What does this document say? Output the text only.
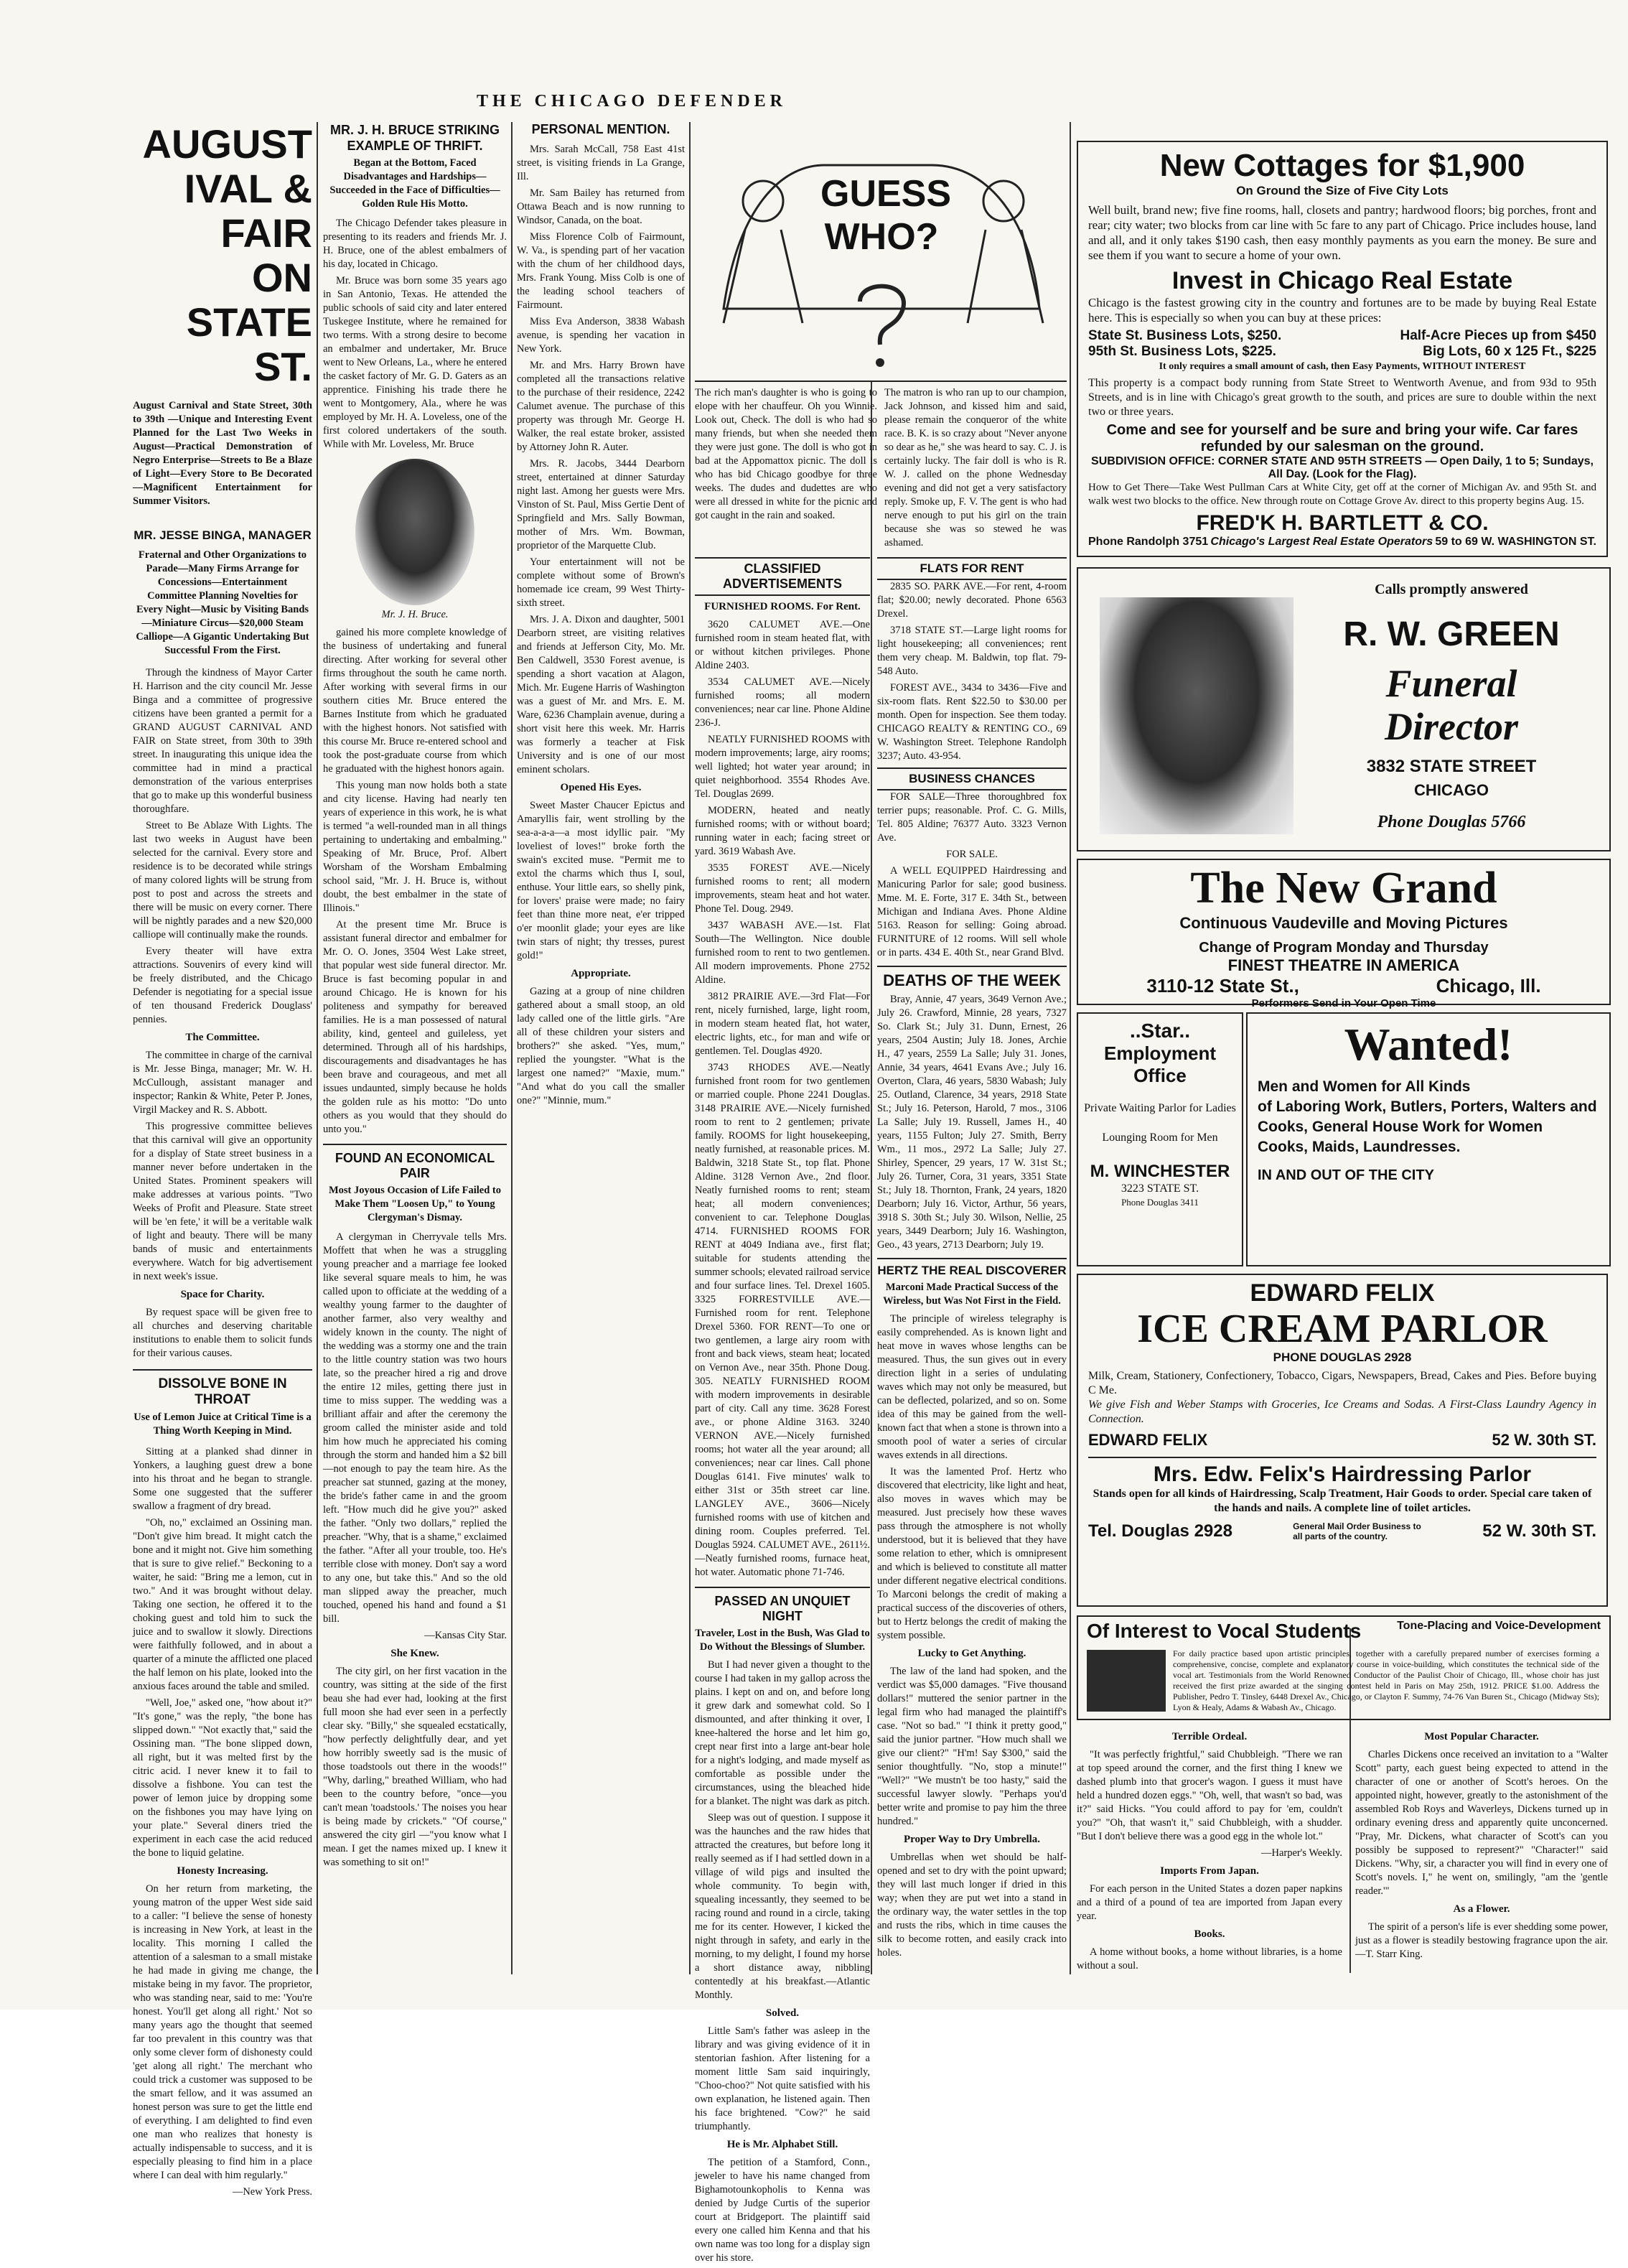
THE CHICAGO DEFENDER
AUGUST
IVAL & FAIR
ON STATE ST.
August Carnival and State Street, 30th to 39th —Unique and Interesting Event Planned for the Last Two Weeks in August—Practical Demonstration of Negro Enterprise—Streets to Be a Blaze of Light—Every Store to Be Decorated—Magnificent Entertainment for Summer Visitors.
MR. JESSE BINGA, MANAGER
Fraternal and Other Organizations to Parade—Many Firms Arrange for Concessions—Entertainment Committee Planning Novelties for Every Night—Music by Visiting Bands—Miniature Circus—$20,000 Steam Calliope—A Gigantic Undertaking But Successful From the First.

Through the kindness of Mayor Carter H. Harrison and the city council Mr. Jesse Binga and a committee of progressive citizens have been granted a permit for a GRAND AUGUST CARNIVAL AND FAIR on State street, from 30th to 39th street. In inaugurating this unique idea the committee had in mind a practical demonstration of the various enterprises that go to make up this wonderful business thoroughfare.

Street to Be Ablaze With Lights. The last two weeks in August have been selected for the carnival. Every store and residence is to be decorated while strings of many colored lights will be strung from post to post and across the streets and there will be music on every corner. There will be nightly parades and a new $20,000 calliope will continually make the rounds.

Every theater will have extra attractions. Souvenirs of every kind will be freely distributed, and the Chicago Defender is negotiating for a special issue of ten thousand Frederick Douglass' pennies.

The Committee.

The committee in charge of the carnival is Mr. Jesse Binga, manager; Mr. W. H. McCullough, assistant manager and inspector; Rankin & White, Peter P. Jones, Virgil Mackey and R. S. Abbott.

This progressive committee believes that this carnival will give an opportunity for a display of State street business in a manner never before undertaken in the United States. Prominent speakers will make addresses at various points. "Two Weeks of Profit and Pleasure. State street will be 'en fete,' it will be a veritable walk of light and beauty. There will be many bands of music and entertainments everywhere. Watch for big advertisement in next week's issue.

Space for Charity.

By request space will be given free to all churches and deserving charitable institutions to enable them to solicit funds for their various causes.

DISSOLVE BONE IN THROAT
Use of Lemon Juice at Critical Time is a Thing Worth Keeping in Mind.

Sitting at a planked shad dinner in Yonkers, a laughing guest drew a bone into his throat and he began to strangle. Some one suggested that the sufferer swallow a fragment of dry bread.

"Oh, no," exclaimed an Ossining man. "Don't give him bread. It might catch the bone and it might not. Give him something that is sure to give relief." Beckoning to a waiter, he said: "Bring me a lemon, cut in two." And it was brought without delay. Taking one section, he offered it to the choking guest and told him to suck the juice and to swallow it slowly. Directions were faithfully followed, and in about a quarter of a minute the afflicted one placed the half lemon on his plate, looked into the anxious faces around the table and smiled.

"Well, Joe," asked one, "how about it?" "It's gone," was the reply, "the bone has slipped down." "Not exactly that," said the Ossining man. "The bone slipped down, all right, but it was melted first by the citric acid. I never knew it to fail to dissolve a fishbone. You can test the power of lemon juice by dropping some on the fishbones you may have lying on your plate." Several diners tried the experiment in each case the acid reduced the bone to liquid gelatine.

Honesty Increasing.

On her return from marketing, the young matron of the upper West side said to a caller: "I believe the sense of honesty is increasing in New York, at least in the locality. This morning I called the attention of a salesman to a small mistake he had made in giving me change, the mistake being in my favor. The proprietor, who was standing near, said to me: 'You're honest. You'll get along all right.' Not so many years ago the thought that seemed far too prevalent in this country was that only some clever form of dishonesty could 'get along all right.' The merchant who could trick a customer was supposed to be the smart fellow, and it was assumed an honest person was sure to get the little end of everything. I am delighted to find even one man who realizes that honesty is actually indispensable to success, and it is especially pleasing to find him in a place where I can deal with him regularly."

—New York Press.

MR. J. H. BRUCE STRIKING EXAMPLE OF THRIFT.
Began at the Bottom, Faced Disadvantages and Hardships—Succeeded in the Face of Difficulties—Golden Rule His Motto.

The Chicago Defender takes pleasure in presenting to its readers and friends Mr. J. H. Bruce, one of the ablest embalmers of his day, located in Chicago.

Mr. Bruce was born some 35 years ago in San Antonio, Texas. He attended the public schools of said city and later entered Tuskegee Institute, where he remained for two terms. With a strong desire to become an embalmer and undertaker, Mr. Bruce went to New Orleans, La., where he entered the casket factory of Mr. G. D. Gaters as an apprentice. Finishing his trade there he went to Montgomery, Ala., where he was employed by Mr. H. A. Loveless, one of the first colored undertakers of the south. While with Mr. Loveless, Mr. Bruce

Mr. J. H. Bruce.

gained his more complete knowledge of the business of undertaking and funeral directing. After working for several other firms throughout the south he came north. After working with several firms in our southern cities Mr. Bruce entered the Barnes Institute from which he graduated with the highest honors. Not satisfied with this course Mr. Bruce re-entered school and took the post-graduate course from which he graduated with the highest honors again.

This young man now holds both a state and city license. Having had nearly ten years of experience in this work, he is what is termed "a well-rounded man in all things pertaining to undertaking and embalming." Speaking of Mr. Bruce, Prof. Albert Worsham of the Worsham Embalming school said, "Mr. J. H. Bruce is, without doubt, the best embalmer in the state of Illinois."

At the present time Mr. Bruce is assistant funeral director and embalmer for Mr. O. O. Jones, 3504 West Lake street, that popular west side funeral director. Mr. Bruce is fast becoming popular in and around Chicago. He is known for his politeness and sympathy for bereaved families. He is a man possessed of natural ability, kind, genteel and guileless, yet determined. Through all of his hardships, discouragements and disadvantages he has been brave and courageous, and met all issues undaunted, simply because he holds the golden rule as his motto: "Do unto others as you would that they should do unto you."

FOUND AN ECONOMICAL PAIR
Most Joyous Occasion of Life Failed to Make Them "Loosen Up," to Young Clergyman's Dismay.

A clergyman in Cherryvale tells Mrs. Moffett that when he was a struggling young preacher and a marriage fee looked like several square meals to him, he was called upon to officiate at the wedding of a wealthy young farmer to the daughter of another farmer, also very wealthy and widely known in the county. The night of the wedding was a stormy one and the train to the little country station was two hours late, so the preacher hired a rig and drove the entire 12 miles, getting there just in time to miss supper. The wedding was a brilliant affair and after the ceremony the groom called the minister aside and told him how much he appreciated his coming through the storm and handed him a $2 bill—not enough to pay the team hire. As the preacher sat stunned, gazing at the money, the bride's father came in and the groom left. "How much did he give you?" asked the father. "Only two dollars," replied the preacher. "Why, that is a shame," exclaimed the father. "After all your trouble, too. He's terrible close with money. Don't say a word to any one, but take this." And so the old man slipped away the preacher, much touched, opened his hand and found a $1 bill.

—Kansas City Star.

She Knew.

The city girl, on her first vacation in the country, was sitting at the side of the first beau she had ever had, looking at the first full moon she had ever seen in a perfectly clear sky. "Billy," she squealed ecstatically, "how perfectly delightfully dear, and yet how horribly sweetly sad is the music of those toadstools out there in the woods!" "Why, darling," breathed William, who had been to the country before, "once—you can't mean 'toadstools.' The noises you hear is being made by crickets." "Of course," answered the city girl —"you know what I mean. I get the names mixed up. I knew it was something to sit on!"

PERSONAL MENTION.

Mrs. Sarah McCall, 758 East 41st street, is visiting friends in La Grange, Ill.

Mr. Sam Bailey has returned from Ottawa Beach and is now running to Windsor, Canada, on the boat.

Miss Florence Colb of Fairmount, W. Va., is spending part of her vacation with the chum of her childhood days, Mrs. Frank Young. Miss Colb is one of the leading school teachers of Fairmount.

Miss Eva Anderson, 3838 Wabash avenue, is spending her vacation in New York.

Mr. and Mrs. Harry Brown have completed all the transactions relative to the purchase of their residence, 2242 Calumet avenue. The purchase of this property was through Mr. George H. Walker, the real estate broker, assisted by Attorney John R. Auter.

Mrs. R. Jacobs, 3444 Dearborn street, entertained at dinner Saturday night last. Among her guests were Mrs. Vinston of St. Paul, Miss Gertie Dent of Springfield and Mrs. Sally Bowman, mother of Mrs. Wm. Bowman, proprietor of the Marquette Club.

Your entertainment will not be complete without some of Brown's homemade ice cream, 99 West Thirty-sixth street.

Mrs. J. A. Dixon and daughter, 5001 Dearborn street, are visiting relatives and friends at Jefferson City, Mo. Mr. Ben Caldwell, 3530 Forest avenue, is spending a short vacation at Alagon, Mich. Mr. Eugene Harris of Washington was a guest of Mr. and Mrs. E. M. Ware, 6236 Champlain avenue, during a short visit here this week. Mr. Harris was formerly a teacher at Fisk University and is one of our most eminent scholars.

Opened His Eyes.

Sweet Master Chaucer Epictus and Amaryllis fair, went strolling by the sea-a-a-a—a most idyllic pair. "My loveliest of loves!" broke forth the swain's excited muse. "Permit me to extol the charms which thus I, soul, enthuse. Your little ears, so shelly pink, for lovers' praise were made; no fairy feet than thine more neat, e'er tripped o'er moonlit glade; your eyes are like twin stars of night; thy tresses, purest gold!"

Appropriate.

Gazing at a group of nine children gathered about a small stoop, an old lady called one of the little girls. "Are all of these children your sisters and brothers?" she asked. "Yes, mum," replied the youngster. "What is the largest one named?" "Maxie, mum." "And what do you call the smaller one?" "Minnie, mum."

GUESS
WHO?
The rich man's daughter is who is going to elope with her chauffeur. Oh you Winnie. Look out, Check. The doll is who had so many friends, but when she needed them they were just gone. The doll is who got in bad at the Appomattox picnic. The doll is who has bid Chicago goodbye for three weeks. The dudes and dudettes are who were all dressed in white for the picnic and got caught in the rain and soaked.
The matron is who ran up to our champion, Jack Johnson, and kissed him and said, please remain the conqueror of the white race. B. K. is so crazy about "Never anyone so dear as he," she was heard to say. C. J. is certainly lucky. The fair doll is who is R. W. J. called on the phone Wednesday evening and did not get a very satisfactory reply. Smoke up, F. V. The gent is who had nerve enough to put his girl on the train because she was so stewed he was ashamed.
CLASSIFIED ADVERTISEMENTS
FURNISHED ROOMS. For Rent.

3620 CALUMET AVE.—One furnished room in steam heated flat, with or without kitchen privileges. Phone Aldine 2403.

3534 CALUMET AVE.—Nicely furnished rooms; all modern conveniences; near car line. Phone Aldine 236-J.

NEATLY FURNISHED ROOMS with modern improvements; large, airy rooms; well lighted; hot water year around; in quiet neighborhood. 3554 Rhodes Ave. Tel. Douglas 2699.

MODERN, heated and neatly furnished rooms; with or without board; running water in each; facing street or yard. 3619 Wabash Ave.

3535 FOREST AVE.—Nicely furnished rooms to rent; all modern improvements, steam heat and hot water. Phone Tel. Doug. 2949.

3437 WABASH AVE.—1st. Flat South—The Wellington. Nice double furnished room to rent to two gentlemen. All modern improvements. Phone 2752 Aldine.

3812 PRAIRIE AVE.—3rd Flat—For rent, nicely furnished, large, light room, in modern steam heated flat, hot water, electric lights, etc., for man and wife or gentlemen. Tel. Douglas 4920.

3743 RHODES AVE.—Neatly furnished front room for two gentlemen or married couple. Phone 2241 Douglas. 3148 PRAIRIE AVE.—Nicely furnished room to rent to 2 gentlemen; private family. ROOMS for light housekeeping, neatly furnished, at reasonable prices. M. Baldwin, 3218 State St., top flat. Phone Aldine. 3128 Vernon Ave., 2nd floor. Neatly furnished rooms to rent; steam heat; all modern conveniences; convenient to car. Telephone Douglas 4714. FURNISHED ROOMS FOR RENT at 4049 Indiana ave., first flat; suitable for students attending the summer schools; elevated railroad service and four surface lines. Tel. Drexel 1605. 3325 FORRESTVILLE AVE.—Furnished room for rent. Telephone Drexel 5360. FOR RENT—To one or two gentlemen, a large airy room with front and back views, steam heat; located on Vernon Ave., near 35th. Phone Doug. 305. NEATLY FURNISHED ROOM with modern improvements in desirable part of city. Call any time. 3628 Forest ave., or phone Aldine 3163. 3240 VERNON AVE.—Nicely furnished rooms; hot water all the year around; all conveniences; near car lines. Call phone Douglas 6141. Five minutes' walk to either 31st or 35th street car line. LANGLEY AVE., 3606—Nicely furnished rooms with use of kitchen and dining room. Couples preferred. Tel. Douglas 5924. CALUMET AVE., 2611½.—Neatly furnished rooms, furnace heat, hot water. Automatic phone 71-746.

PASSED AN UNQUIET NIGHT
Traveler, Lost in the Bush, Was Glad to Do Without the Blessings of Slumber.

But I had never given a thought to the course I had taken in my gallop across the plains. I kept on and on, and before long it grew dark and somewhat cold. So I dismounted, and after thinking it over, I knee-haltered the horse and let him go, crept near first into a large ant-bear hole for a night's lodging, and made myself as comfortable as possible under the circumstances, using the bleached hide for a blanket. The night was dark as pitch.

Sleep was out of question. I suppose it was the haunches and the raw hides that attracted the creatures, but before long it really seemed as if I had settled down in a village of wild pigs and insulted the whole community. To begin with, squealing incessantly, they seemed to be racing round and round in a circle, taking me for its center. However, I kicked the night through in safety, and early in the morning, to my delight, I found my horse a short distance away, nibbling contentedly at his breakfast.—Atlantic Monthly.

Solved.

Little Sam's father was asleep in the library and was giving evidence of it in stentorian fashion. After listening for a moment little Sam said inquiringly, "Choo-choo?" Not quite satisfied with his own explanation, he listened again. Then his face brightened. "Cow?" he said triumphantly.

He is Mr. Alphabet Still.

The petition of a Stamford, Conn., jeweler to have his name changed from Bighamotounkopholis to Kenna was denied by Judge Curtis of the superior court at Bridgeport. The plaintiff said every one called him Kenna and that his own name was too long for a display sign over his store.

FLATS FOR RENT

2835 SO. PARK AVE.—For rent, 4-room flat; $20.00; newly decorated. Phone 6563 Drexel.

3718 STATE ST.—Large light rooms for light housekeeping; all conveniences; rent them very cheap. M. Baldwin, top flat. 79-548 Auto.

FOREST AVE., 3434 to 3436—Five and six-room flats. Rent $22.50 to $30.00 per month. Open for inspection. See them today. CHICAGO REALTY & RENTING CO., 69 W. Washington Street. Telephone Randolph 3237; Auto. 43-954.

BUSINESS CHANCES

FOR SALE—Three thoroughbred fox terrier pups; reasonable. Prof. C. G. Mills, Tel. 805 Aldine; 76377 Auto. 3323 Vernon Ave.

FOR SALE.

A WELL EQUIPPED Hairdressing and Manicuring Parlor for sale; good business. Mme. M. E. Forte, 317 E. 34th St., between Michigan and Indiana Aves. Phone Aldine 5163. Reason for selling: Going abroad. FURNITURE of 12 rooms. Will sell whole or in parts. 434 E. 40th St., near Grand Blvd.

DEATHS OF THE WEEK

Bray, Annie, 47 years, 3649 Vernon Ave.; July 26. Crawford, Minnie, 28 years, 7327 So. Clark St.; July 31. Dunn, Ernest, 26 years, 2504 Austin; July 18. Jones, Archie H., 47 years, 2559 La Salle; July 31. Jones, Annie, 34 years, 4641 Evans Ave.; July 16. Overton, Clara, 46 years, 5830 Wabash; July 25. Outland, Clarence, 34 years, 2918 State St.; July 16. Peterson, Harold, 7 mos., 3106 La Salle; July 19. Russell, James H., 40 years, 1155 Fulton; July 27. Smith, Berry Wm., 11 mos., 2972 La Salle; July 27. Shirley, Spencer, 29 years, 17 W. 31st St.; July 26. Turner, Cora, 31 years, 3351 State St.; July 18. Thornton, Frank, 24 years, 1820 Dearborn; July 16. Victor, Arthur, 56 years, 3918 S. 30th St.; July 30. Wilson, Nellie, 25 years, 3449 Dearborn; July 16. Washington, Geo., 43 years, 2713 Dearborn; July 19.

HERTZ THE REAL DISCOVERER
Marconi Made Practical Success of the Wireless, but Was Not First in the Field.

The principle of wireless telegraphy is easily comprehended. As is known light and heat move in waves whose lengths can be measured. Thus, the sun gives out in every direction light in a series of undulating waves which may not only be measured, but can be deflected, polarized, and so on. Some idea of this may be gained from the well-known fact that when a stone is thrown into a smooth pool of water a series of circular waves extends in all directions.

It was the lamented Prof. Hertz who discovered that electricity, like light and heat, also moves in waves which may be measured. Just precisely how these waves pass through the atmosphere is not wholly understood, but it is believed that they have some relation to ether, which is omnipresent and which is believed to constitute all matter under different negative electrical conditions. To Marconi belongs the credit of making a practical success of the discoveries of others, but to Hertz belongs the credit of making the system possible.

Lucky to Get Anything.

The law of the land had spoken, and the verdict was $5,000 damages. "Five thousand dollars!" muttered the senior partner in the legal firm who had managed the plaintiff's case. "Not so bad." "I think it pretty good," said the junior partner. "How much shall we give our client?" "H'm! Say $300," said the senior thoughtfully. "No, stop a minute!" "Well?" "We mustn't be too hasty," said the successful lawyer slowly. "Perhaps you'd better write and promise to pay him the three hundred."

Proper Way to Dry Umbrella.

Umbrellas when wet should be half-opened and set to dry with the point upward; they will last much longer if dried in this way; when they are put wet into a stand in the ordinary way, the water settles in the top and rusts the ribs, which in time causes the silk to become rotten, and easily crack into holes.

New Cottages for $1,900
On Ground the Size of Five City Lots
Well built, brand new; five fine rooms, hall, closets and pantry; hardwood floors; big porches, front and rear; city water; two blocks from car line with 5c fare to any part of Chicago. Price includes house, land and all, and it only takes $190 cash, then easy monthly payments as you earn the money. Be sure and see them if you want to secure a home of your own.
Invest in Chicago Real Estate
Chicago is the fastest growing city in the country and fortunes are to be made by buying Real Estate here. This is especially so when you can buy at these prices:
State St. Business Lots, $250.	Half-Acre Pieces up from $450
95th St. Business Lots, $225.	Big Lots, 60 x 125 Ft., $225
It only requires a small amount of cash, then Easy Payments, WITHOUT INTEREST
This property is a compact body running from State Street to Wentworth Avenue, and from 93d to 95th Streets, and is in line with Chicago's great growth to the south, and prices are sure to double within the next two or three years.
Come and see for yourself and be sure and bring your wife. Car fares refunded by our salesman on the ground.
SUBDIVISION OFFICE: CORNER STATE AND 95TH STREETS — Open Daily, 1 to 5; Sundays, All Day. (Look for the Flag).
How to Get There—Take West Pullman Cars at White City, get off at the corner of Michigan Av. and 95th St. and walk west two blocks to the office. New through route on Cottage Grove Av. direct to this property begins Aug. 15.
FRED'K H. BARTLETT & CO.
Phone Randolph 3751 Chicago's Largest Real Estate Operators 59 to 69 W. WASHINGTON ST.
Calls promptly answered
R. W. GREEN
Funeral
Director
3832 STATE STREET
CHICAGO
Phone Douglas 5766
The New Grand
Continuous Vaudeville and Moving Pictures
Change of Program Monday and Thursday
FINEST THEATRE IN AMERICA
3110-12 State St.,	Chicago, Ill.
Performers Send in Your Open Time
..Star..
Employment Office
Private Waiting Parlor for Ladies
Lounging Room for Men
M. WINCHESTER
3223 STATE ST.
Phone Douglas 3411
Wanted!
Men and Women for All Kinds
of Laboring Work, Butlers, Porters, Walters and
Cooks, General House Work for Women
Cooks, Maids, Laundresses.
IN AND OUT OF THE CITY
EDWARD FELIX
ICE CREAM PARLOR
PHONE DOUGLAS 2928
Milk, Cream, Stationery, Confectionery, Tobacco, Cigars, Newspapers, Bread, Cakes and Pies. Before buying C Me.
We give Fish and Weber Stamps with Groceries, Ice Creams and Sodas. A First-Class Laundry Agency in Connection.
EDWARD FELIX	52 W. 30th ST.
Mrs. Edw. Felix's Hairdressing Parlor
Stands open for all kinds of Hairdressing, Scalp Treatment, Hair Goods to order. Special care taken of the hands and nails. A complete line of toilet articles.
Tel. Douglas 2928	General Mail Order Business to all parts of the country.	52 W. 30th ST.
Of Interest to Vocal Students	Tone-Placing and Voice-Development
For daily practice based upon artistic principles, together with a carefully prepared number of exercises forming a comprehensive, concise, complete and explanatory course in voice-building, which constitutes the technical side of the vocal art. Testimonials from the World Renowned Conductor of the Paulist Choir of Chicago, Ill., whose choir has just received the first prize awarded at the singing contest held in Paris on May 25th, 1912. PRICE $1.00. Address the Publisher, Pedro T. Tinsley, 6448 Drexel Av., Chicago, or Clayton F. Summy, 74-76 Van Buren St., Chicago (Midway Sts); Lyon & Healy, Adams & Wabash Av., Chicago.
Terrible Ordeal.

"It was perfectly frightful," said Chubbleigh. "There we ran at top speed around the corner, and the first thing I knew we dashed plumb into that grocer's wagon. I guess it must have held a hundred dozen eggs." "Oh, well, that wasn't so bad, was it?" said Hicks. "You could afford to pay for 'em, couldn't you?" "Oh, that wasn't it," said Chubbleigh, with a shudder. "But I don't believe there was a good egg in the whole lot."

—Harper's Weekly.

Imports From Japan.

For each person in the United States a dozen paper napkins and a third of a pound of tea are imported from Japan every year.

Books.

A home without books, a home without libraries, is a home without a soul.

Most Popular Character.

Charles Dickens once received an invitation to a "Walter Scott" party, each guest being expected to attend in the character of one or another of Scott's heroes. On the appointed night, however, greatly to the astonishment of the assembled Rob Roys and Waverleys, Dickens turned up in ordinary evening dress and apparently quite unconcerned. "Pray, Mr. Dickens, what character of Scott's can you possibly be supposed to represent?" "Character!" said Dickens. "Why, sir, a character you will find in every one of Scott's novels. I," he went on, smilingly, "am the 'gentle reader.'"

As a Flower.

The spirit of a person's life is ever shedding some power, just as a flower is steadily bestowing fragrance upon the air.—T. Starr King.
